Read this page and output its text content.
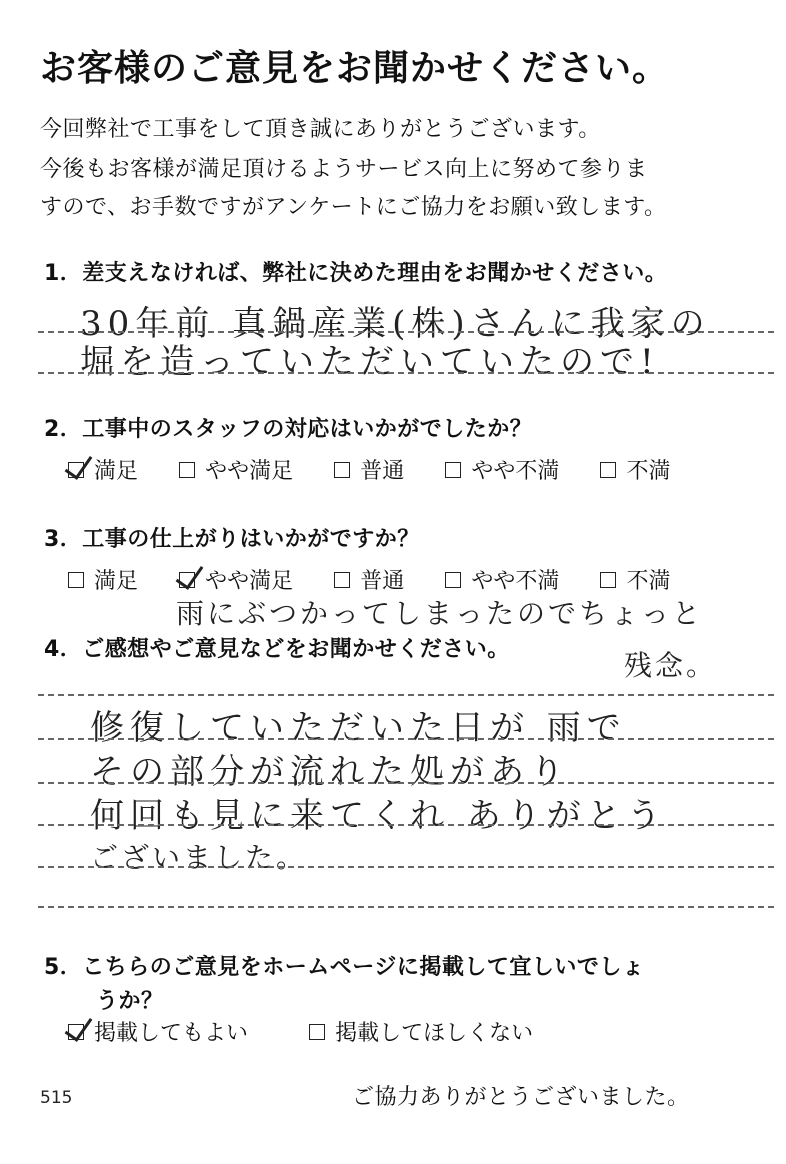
お客様のご意見をお聞かせください。
今回弊社で工事をして頂き誠にありがとうございます。
今後もお客様が満足頂けるようサービス向上に努めて参りま
すので、お手数ですがアンケートにご協力をお願い致します。
1．差支えなければ、弊社に決めた理由をお聞かせください。
30年前 真鍋産業(株)さんに我家の
堀を造っていただいていたので!
2．工事中のスタッフの対応はいかがでしたか？
満足
	やや満足
	普通
	やや不満
	不満
3．工事の仕上がりはいかがですか？
満足
	やや満足
	普通
	やや不満
	不満
雨にぶつかってしまったのでちょっと
残念。
4．ご感想やご意見などをお聞かせください。
修復していただいた日が 雨で
その部分が流れた処があり
何回も見に来てくれ ありがとう
ございました。
5．こちらのご意見をホームページに掲載して宜しいでしょ
うか？
掲載してもよい
	掲載してほしくない
515	ご協力ありがとうございました。
